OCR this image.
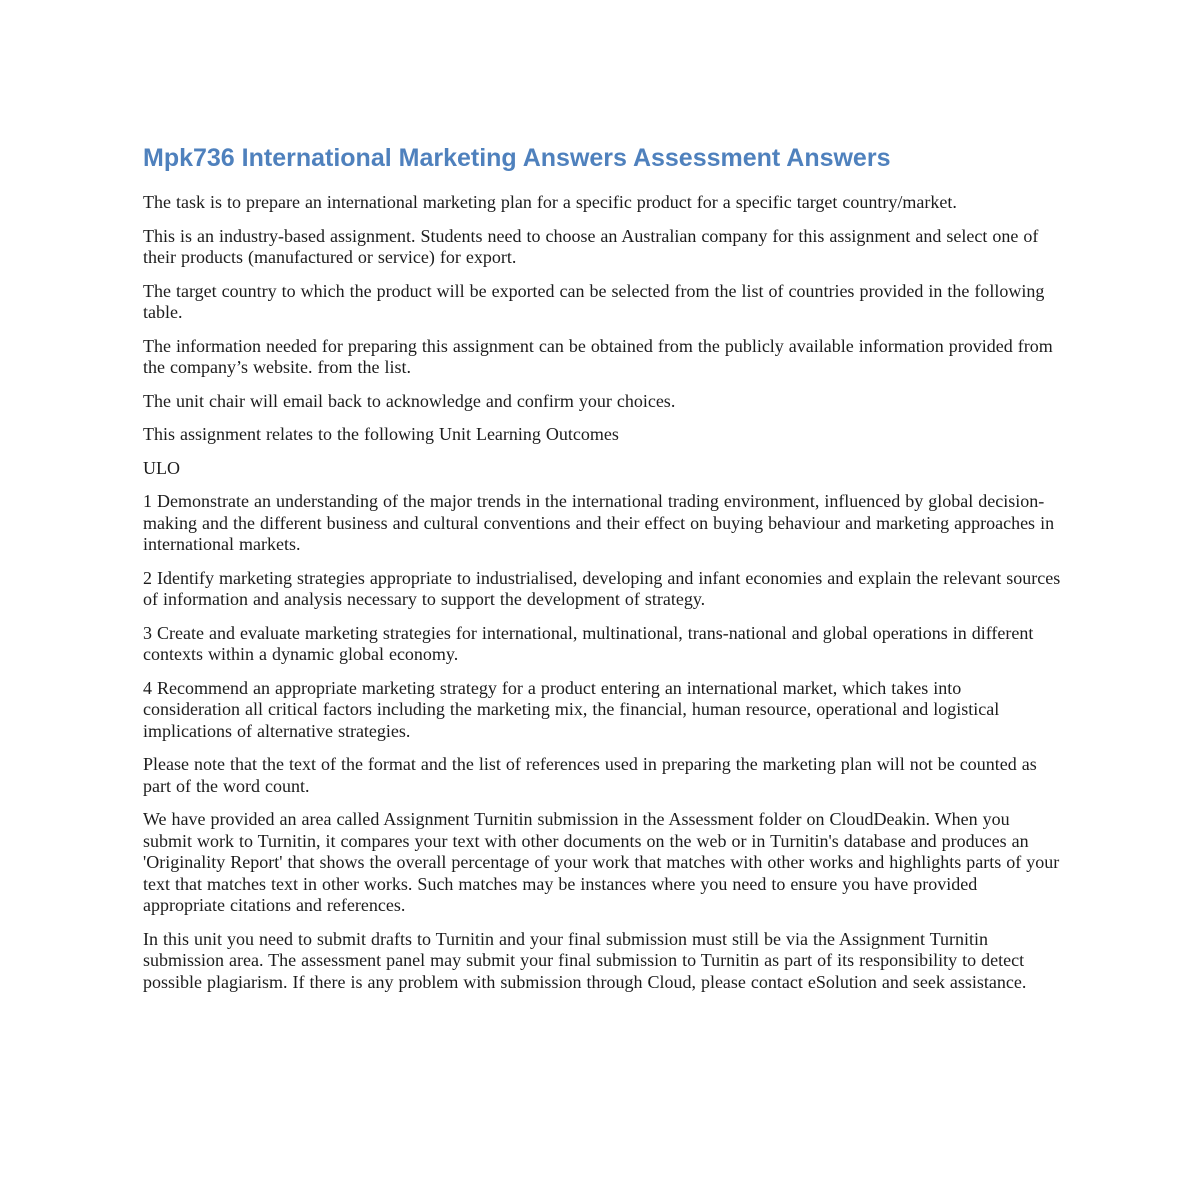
Mpk736 International Marketing Answers Assessment Answers

The task is to prepare an international marketing plan for a specific product for a specific target country/market.

This is an industry-based assignment. Students need to choose an Australian company for this assignment and select one of their products (manufactured or service) for export.

The target country to which the product will be exported can be selected from the list of countries provided in the following table.

The information needed for preparing this assignment can be obtained from the publicly available information provided from the company’s website. from the list.

The unit chair will email back to acknowledge and confirm your choices.

This assignment relates to the following Unit Learning Outcomes

ULO

1 Demonstrate an understanding of the major trends in the international trading environment, influenced by global decision-making and the different business and cultural conventions and their effect on buying behaviour and marketing approaches in international markets.

2 Identify marketing strategies appropriate to industrialised, developing and infant economies and explain the relevant sources of information and analysis necessary to support the development of strategy.

3 Create and evaluate marketing strategies for international, multinational, trans-national and global operations in different contexts within a dynamic global economy.

4 Recommend an appropriate marketing strategy for a product entering an international market, which takes into consideration all critical factors including the marketing mix, the financial, human resource, operational and logistical implications of alternative strategies.

Please note that the text of the format and the list of references used in preparing the marketing plan will not be counted as part of the word count.

We have provided an area called Assignment Turnitin submission in the Assessment folder on CloudDeakin. When you submit work to Turnitin, it compares your text with other documents on the web or in Turnitin's database and produces an 'Originality Report' that shows the overall percentage of your work that matches with other works and highlights parts of your text that matches text in other works. Such matches may be instances where you need to ensure you have provided appropriate citations and references.

In this unit you need to submit drafts to Turnitin and your final submission must still be via the Assignment Turnitin submission area. The assessment panel may submit your final submission to Turnitin as part of its responsibility to detect possible plagiarism. If there is any problem with submission through Cloud, please contact eSolution and seek assistance.
